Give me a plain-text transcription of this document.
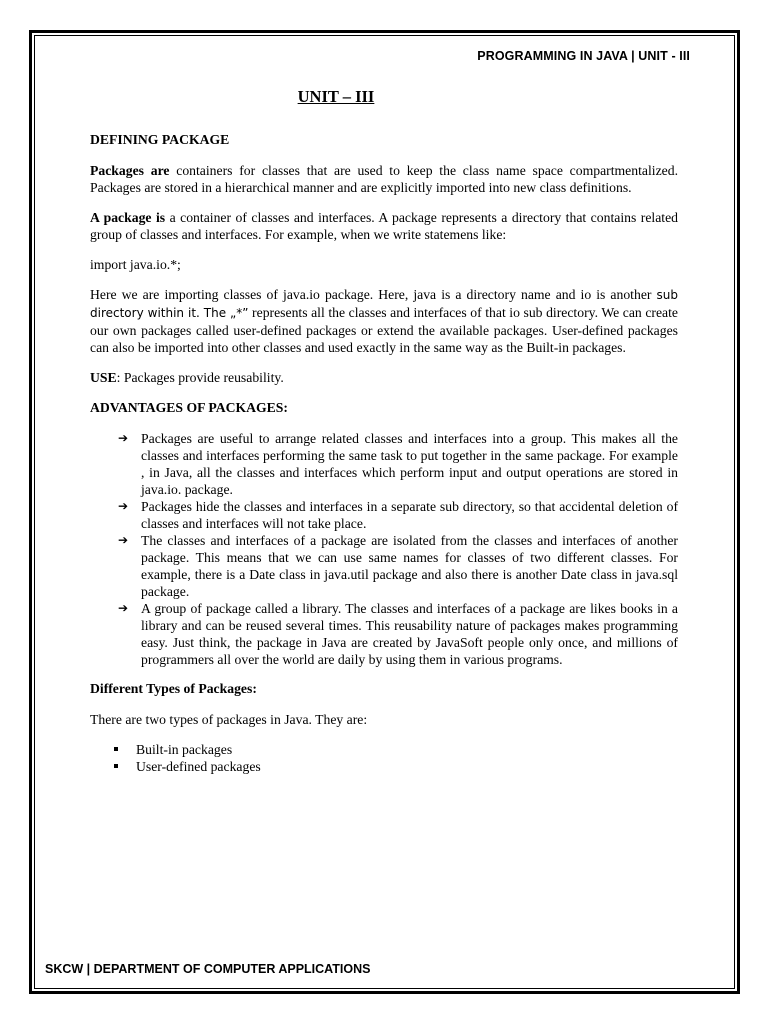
PROGRAMMING IN JAVA | UNIT - III
UNIT – III
DEFINING PACKAGE

Packages are containers for classes that are used to keep the class name space compartmentalized. Packages are stored in a hierarchical manner and are explicitly imported into new class definitions.

A package is a container of classes and interfaces. A package represents a directory that contains related group of classes and interfaces. For example, when we write statemens like:

import java.io.*;

Here we are importing classes of java.io package. Here, java is a directory name and io is another sub directory within it. The „*” represents all the classes and interfaces of that io sub directory. We can create our own packages called user-defined packages or extend the available packages. User-defined packages can also be imported into other classes and used exactly in the same way as the Built-in packages.

USE: Packages provide reusability.

ADVANTAGES OF PACKAGES:
➔ Packages are useful to arrange related classes and interfaces into a group. This makes all the classes and interfaces performing the same task to put together in the same package. For example , in Java, all the classes and interfaces which perform input and output operations are stored in java.io. package.
➔ Packages hide the classes and interfaces in a separate sub directory, so that accidental deletion of classes and interfaces will not take place.
➔ The classes and interfaces of a package are isolated from the classes and interfaces of another package. This means that we can use same names for classes of two different classes. For example, there is a Date class in java.util package and also there is another Date class in java.sql package.
➔ A group of package called a library. The classes and interfaces of a package are likes books in a library and can be reused several times. This reusability nature of packages makes programming easy. Just think, the package in Java are created by JavaSoft people only once, and millions of programmers all over the world are daily by using them in various programs.
Different Types of Packages:

There are two types of packages in Java. They are:

Built-in packages
User-defined packages
SKCW | DEPARTMENT OF COMPUTER APPLICATIONS
